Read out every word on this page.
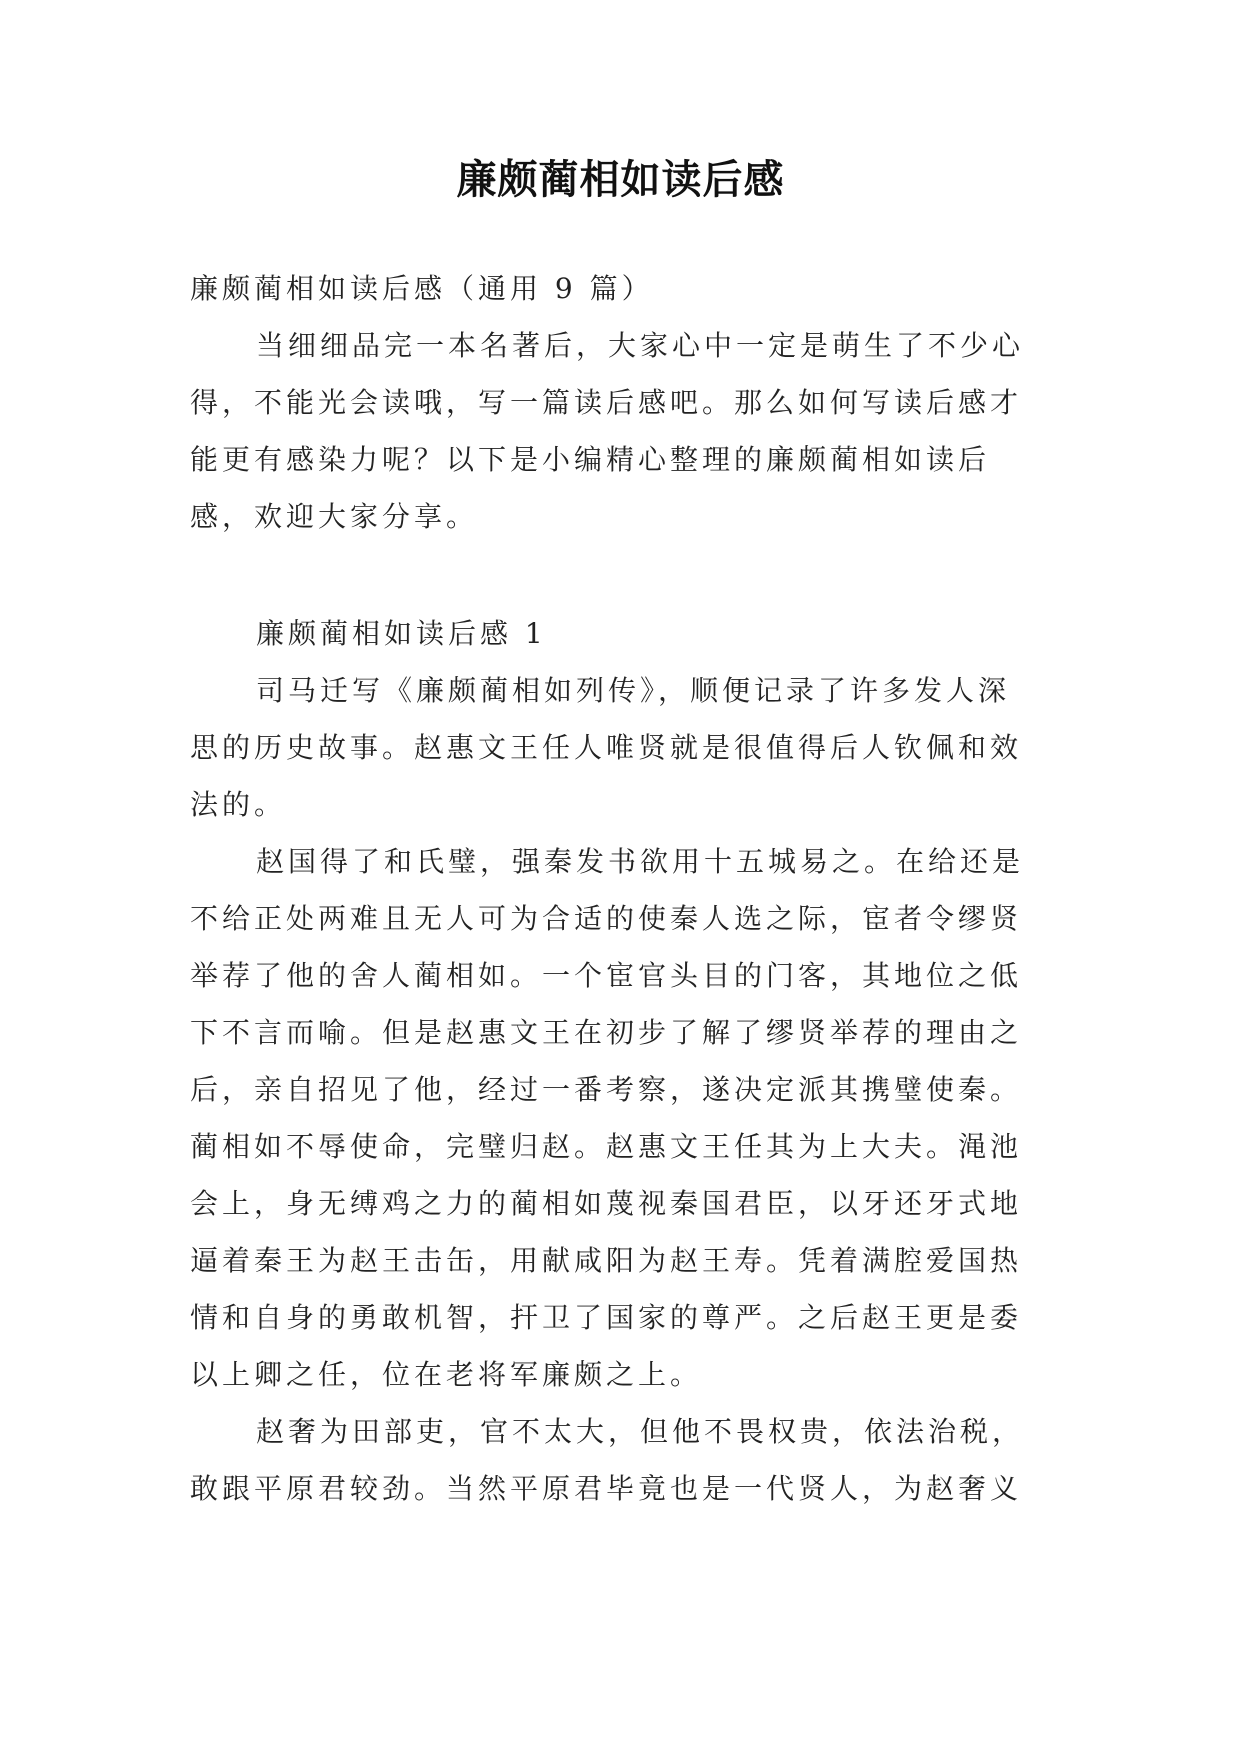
廉颇蔺相如读后感
廉颇蔺相如读后感（通用 9 篇）
当细细品完一本名著后，大家心中一定是萌生了不少心
得，不能光会读哦，写一篇读后感吧。那么如何写读后感才
能更有感染力呢？以下是小编精心整理的廉颇蔺相如读后
感，欢迎大家分享。
廉颇蔺相如读后感 1
司马迁写《廉颇蔺相如列传》，顺便记录了许多发人深
思的历史故事。赵惠文王任人唯贤就是很值得后人钦佩和效
法的。
赵国得了和氏璧，强秦发书欲用十五城易之。在给还是
不给正处两难且无人可为合适的使秦人选之际，宦者令缪贤
举荐了他的舍人蔺相如。一个宦官头目的门客，其地位之低
下不言而喻。但是赵惠文王在初步了解了缪贤举荐的理由之
后，亲自招见了他，经过一番考察，遂决定派其携璧使秦。
蔺相如不辱使命，完璧归赵。赵惠文王任其为上大夫。渑池
会上，身无缚鸡之力的蔺相如蔑视秦国君臣，以牙还牙式地
逼着秦王为赵王击缶，用献咸阳为赵王寿。凭着满腔爱国热
情和自身的勇敢机智，扞卫了国家的尊严。之后赵王更是委
以上卿之任，位在老将军廉颇之上。
赵奢为田部吏，官不太大，但他不畏权贵，依法治税，
敢跟平原君较劲。当然平原君毕竟也是一代贤人，为赵奢义
